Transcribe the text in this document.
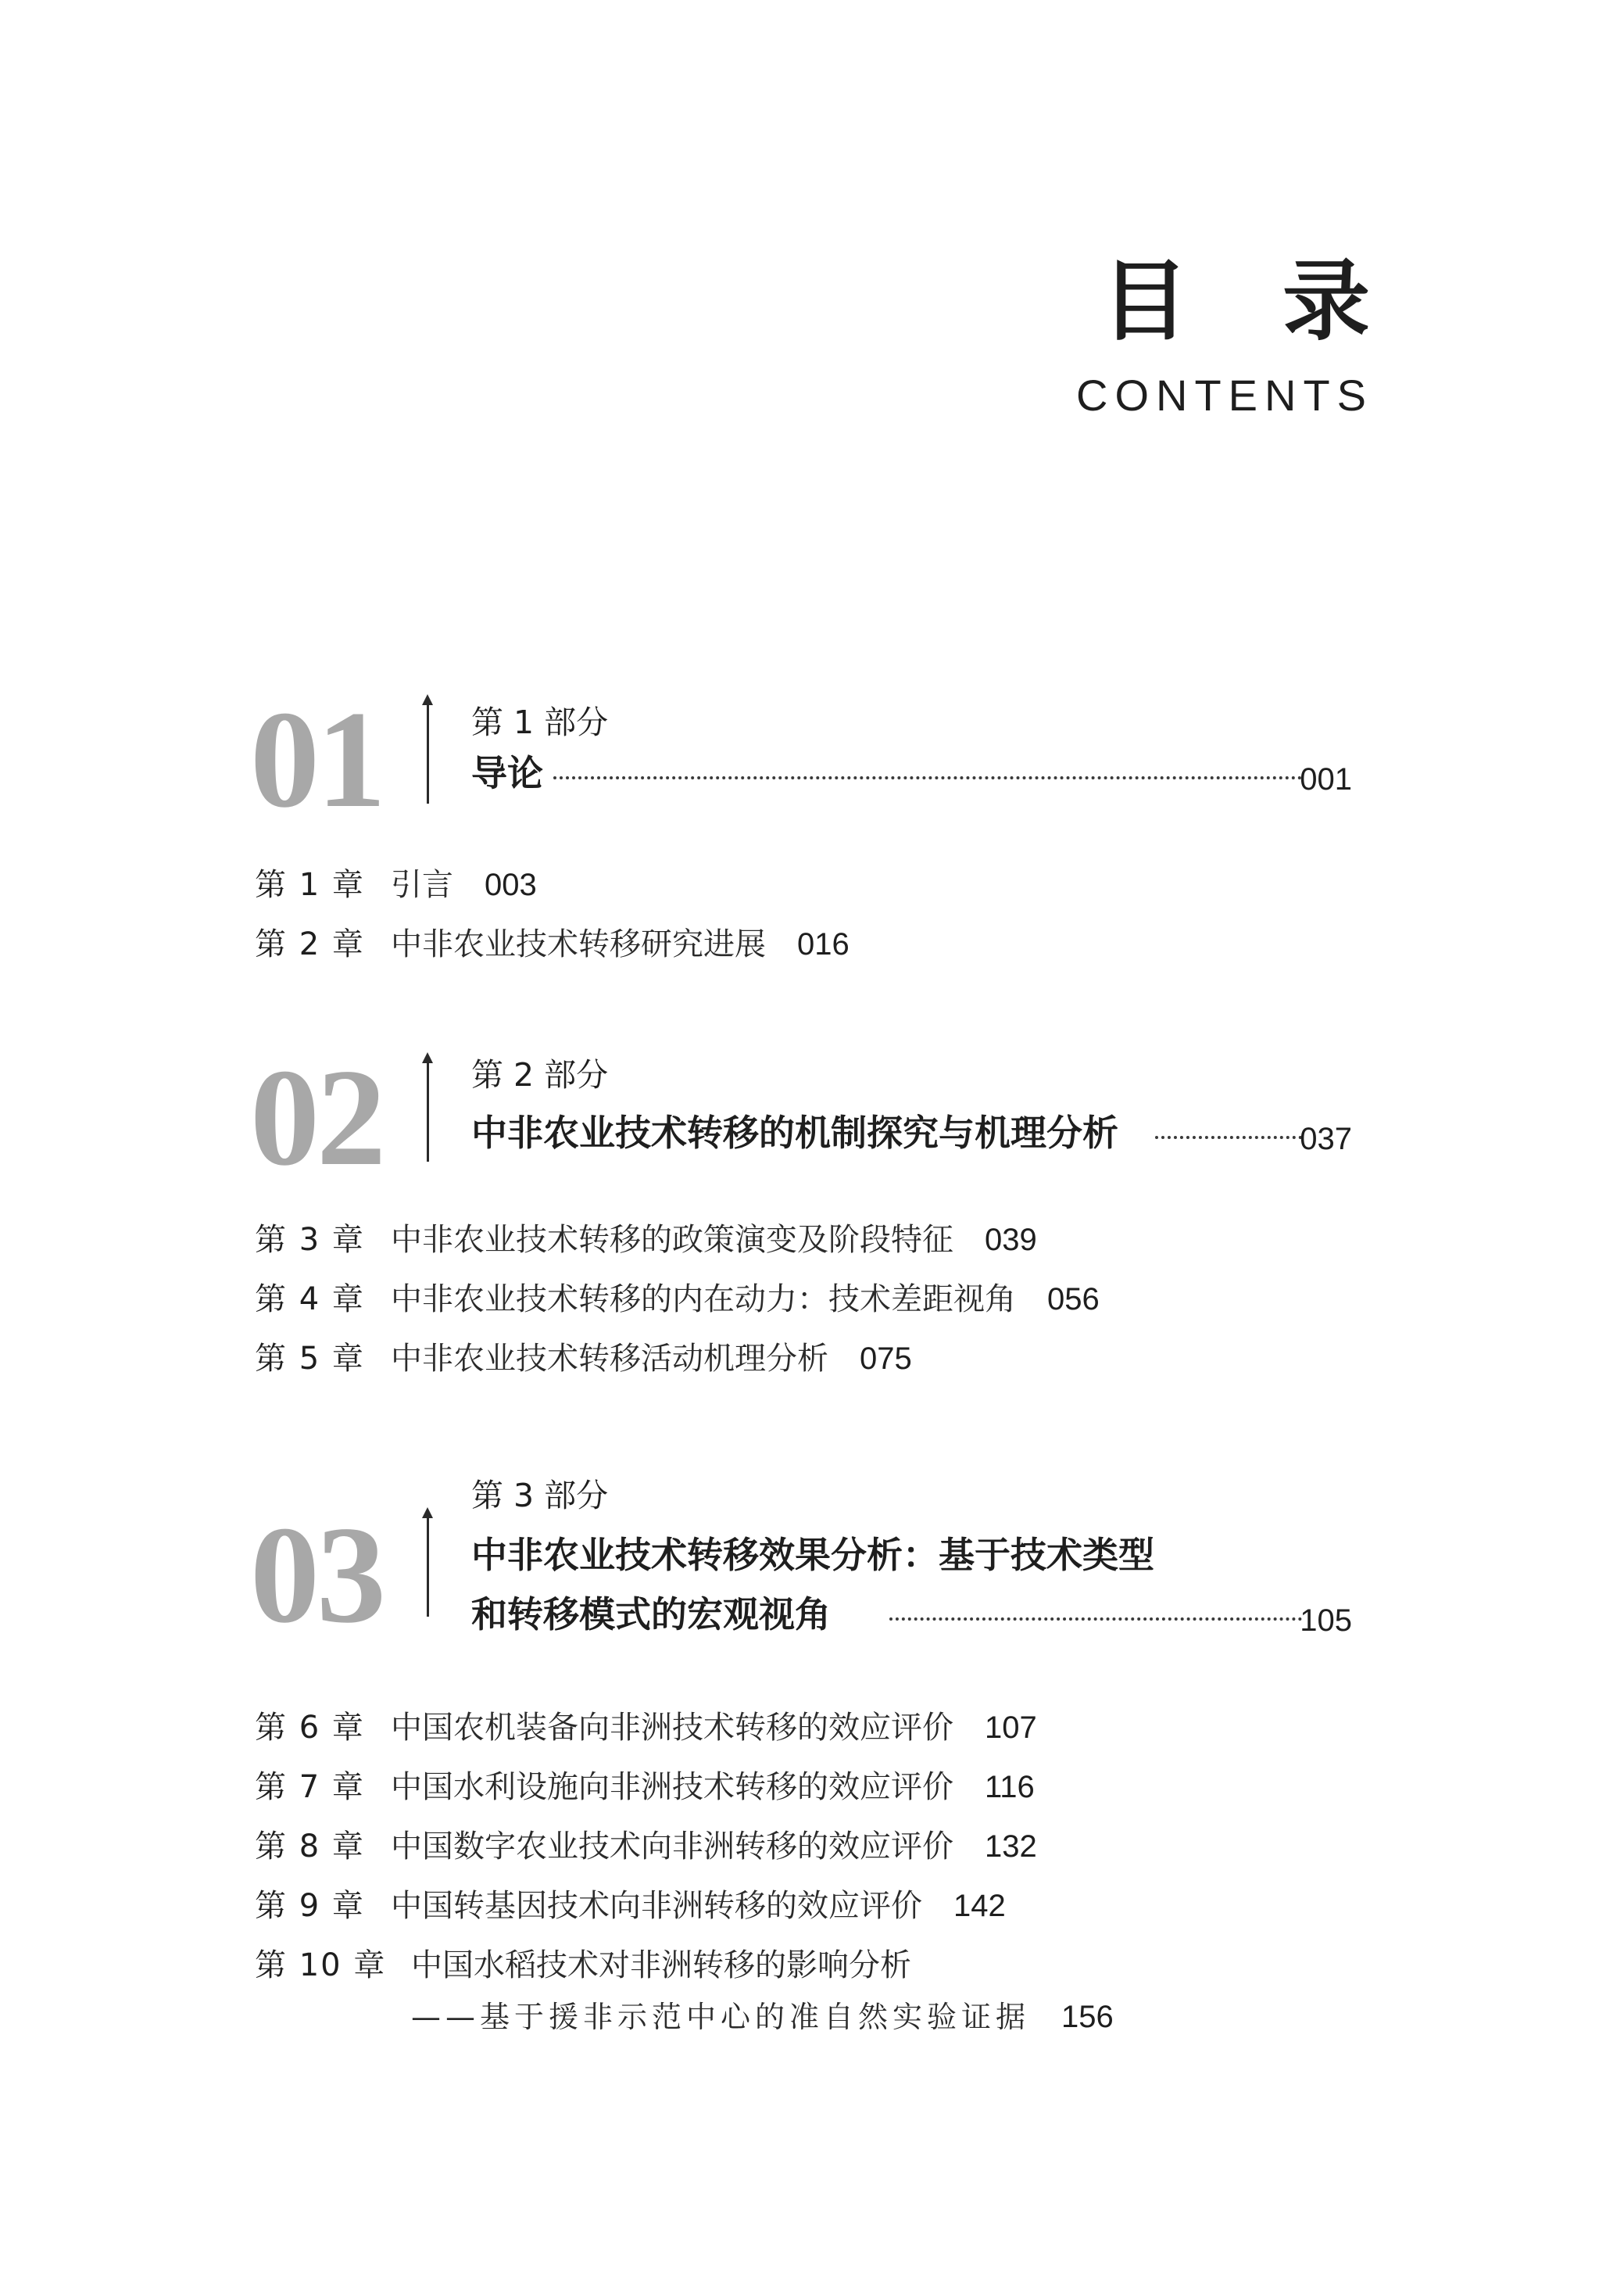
目录
CONTENTS
01	第 1 部分
导论	001
第 1 章 引言 003
第 2 章 中非农业技术转移研究进展 016
02	第 2 部分
中非农业技术转移的机制探究与机理分析	037
第 3 章 中非农业技术转移的政策演变及阶段特征 039
第 4 章 中非农业技术转移的内在动力：技术差距视角 056
第 5 章 中非农业技术转移活动机理分析 075
03
第 3 部分
中非农业技术转移效果分析：基于技术类型
和转移模式的宏观视角	105
第 6 章 中国农机装备向非洲技术转移的效应评价 107
第 7 章 中国水利设施向非洲技术转移的效应评价 116
第 8 章 中国数字农业技术向非洲转移的效应评价 132
第 9 章 中国转基因技术向非洲转移的效应评价 142
第 10 章 中国水稻技术对非洲转移的影响分析
——基于援非示范中心的准自然实验证据 156
